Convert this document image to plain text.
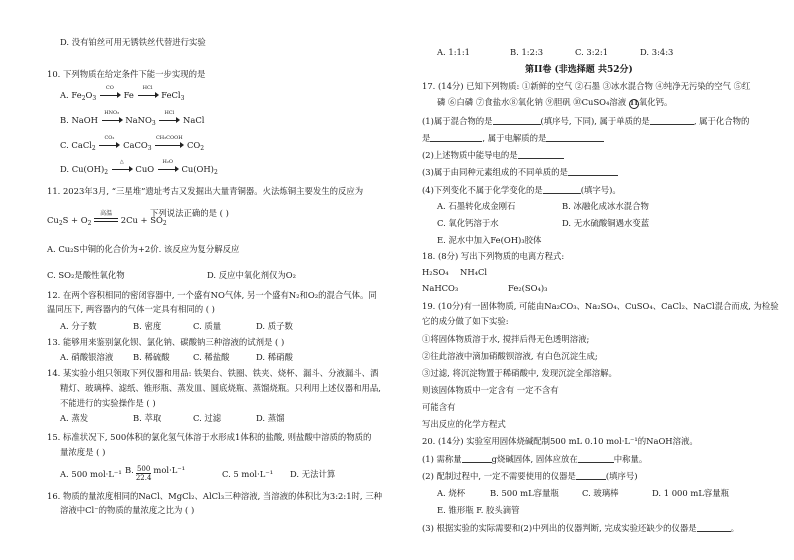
D. 没有铂丝可用无锈铁丝代替进行实验
10. 下列物质在给定条件下能一步实现的是
A. $Fe_2O_3$
CO
Fe
HCl
FeCl$_3$
B. NaOH
HNO₃
NaNO$_3$
HCl
NaCl
C. CaCl$_2$
CO₂
CaCO$_3$
CH₃COOH
$CO_2$
D. $Cu(OH)_2$
△
CuO
H₂O
$Cu(OH)_2$
11. 2023年3月, “三星堆”遗址考古又发掘出大量青铜器。火法炼铜主要发生的反应为
$Cu_2S + O_2$
高温
$2Cu + SO_2$
下列说法正确的是 ( )
A. Cu₂S中铜的化合价为+2价. 该反应为复分解反应
C. SO₂是酸性氧化物	D. 反应中氧化剂仅为O₂
12. 在两个容积相同的密闭容器中, 一个盛有NO气体, 另一个盛有N₂和O₂的混合气体。同
温同压下, 两容器内的气体一定具有相同的 ( )
A. 分子数	B. 密度	C. 质量	D. 质子数
13. 能够用来鉴别氯化钡、氯化钠、碳酸钠三种溶液的试剂是 ( )
A. 硝酸银溶液 B. 稀硫酸	C. 稀盐酸	D. 稀硝酸
14. 某实验小组只领取下列仪器和用品: 铁架台、铁圈、铁夹、烧杯、漏斗、分液漏斗、酒
精灯、玻璃棒、滤纸、锥形瓶、蒸发皿、圆底烧瓶、蒸馏烧瓶。只利用上述仪器和用品,
不能进行的实验操作是 ( )
A. 蒸发	B. 萃取	C. 过滤	D. 蒸馏
15. 标准状况下, 500体积的氯化氢气体溶于水形成1体积的盐酸, 则盐酸中溶质的物质的
量浓度是 ( )
A. 500 mol·L⁻¹ B. $\frac{500}{22.4} mol\cdot L^{-1}$	C. 5 mol·L⁻¹ D. 无法计算
16. 物质的量浓度相同的NaCl、MgCl₂、AlCl₃三种溶液, 当溶液的体积比为3:2:1时, 三种
溶液中Cl⁻的物质的量浓度之比为 ( )
A. 1:1:1	B. 1:2:3	C. 3:2:1	D. 3:4:3
第II卷 (非选择题 共52分)
17. (14分) 已知下列物质: ①新鲜的空气 ②石墨 ③冰水混合物 ④纯净无污染的空气 ⑤红
磷 ⑥白磷 ⑦食盐水⑧氧化钠 ⑨胆矾 ⑩CuSO₄溶液 11氧化钙。
(1)属于混合物的是	(填序号, 下同), 属于单质的是	, 属于化合物的
是	, 属于电解质的是
(2)上述物质中能导电的是
(3)属于由同种元素组成的不同单质的是
(4)下列变化不属于化学变化的是	(填字号)。
A. 石墨转化成金刚石	B. 冰融化成冰水混合物
C. 氧化钙溶于水	D. 无水硫酸铜遇水变蓝
E. 泥水中加入Fe(OH)₃胶体
18. (8分) 写出下列物质的电离方程式:
H₂SO₄ NH₄Cl
NaHCO₃	Fe₂(SO₄)₃
19. (10分)有一固体物质, 可能由Na₂CO₃、Na₂SO₄、CuSO₄、CaCl₂、NaCl混合而成, 为检验
它的成分做了如下实验:
①将固体物质溶于水, 搅拌后得无色透明溶液;
②往此溶液中滴加硝酸钡溶液, 有白色沉淀生成;
③过滤, 将沉淀物置于稀硝酸中, 发现沉淀全部溶解。
则该固体物质中一定含有 一定不含有
可能含有
写出反应的化学方程式
20. (14分) 实验室用固体烧碱配制500 mL 0.10 mol·L⁻¹的NaOH溶液。
(1) 需称量	g烧碱固体, 固体应放在	中称量。
(2) 配制过程中, 一定不需要使用的仪器是	(填序号)
A. 烧杯	B. 500 mL容量瓶	C. 玻璃棒	D. 1 000 mL容量瓶
E. 锥形瓶 F. 胶头滴管
(3) 根据实验的实际需要和(2)中列出的仪器判断, 完成实验还缺少的仪器是	。
